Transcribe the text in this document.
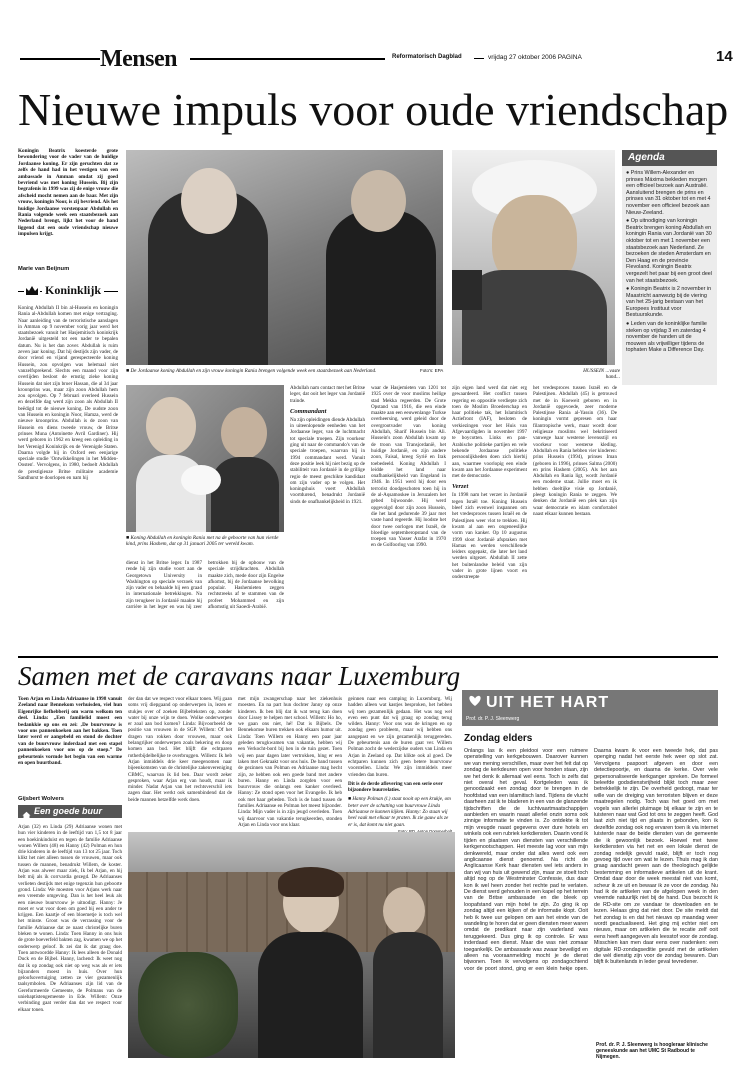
Mensen	Reformatorisch Dagblad	vrijdag 27 oktober 2006 PAGINA	14
Nieuwe impuls voor oude vriendschap
Koningin Beatrix koesterde grote bewondering voor de vader van de huidige Jordaanse koning. Er zijn geruchten dat ze zelfs de hand had in het vestigen van een ambassade in Amman omdat zij goed bevriend was met koning Hussein. Bij zijn begrafenis in 1999 was zij de enige vrouw die afscheid mocht nemen aan de baar. Met zijn vrouw, koningin Noor, is zij bevriend. Als het huidige Jordaanse vorstenpaar Abdullah en Rania volgende week een staatsbezoek aan Nederland brengt, lijkt het voor de hand liggend dat een oude vriendschap nieuwe impulsen krijgt.
Marie van Beijnum
Koninklijk
Koning Abdullah II bin al-Hussein en koningin Rania al-Abdullah komen met enige vertraging. Naar aanleiding van de terroristische aanslagen in Amman op 9 november vorig jaar werd het staatsbezoek vanuit het Hasjemitisch koninkrijk Jordanië uitgesteld tot een nader te bepalen datum. Nu is het dan zover. Abdullah is ruim zeven jaar koning. Dat hij destijds zijn vader, de door vriend en vijand gerespecteerde koning Hussein, zou opvolgen was helemaal niet vanzelfsprekend. Slechts een maand voor zijn overlijden besloot de ernstig zieke koning Hussein dat niet zijn broer Hassan, die al 34 jaar kroonprins was, maar zijn zoon Abdullah hem zou opvolgen. Op 7 februari overleed Hussein en dezelfde dag werd zijn zoon als Abdullah II beëdigd tot de nieuwe koning. De oudste zoon van Hussein en koningin Noor, Hamza, werd de nieuwe kroonprins. Abdullah is de zoon van Hussein en diens tweede vrouw, de Britse prinses Muna (Antoinette Avril Gardiner). Hij werd geboren in 1962 en kreeg een opleiding in het Verenigd Koninkrijk en de Verenigde Staten. Daarna volgde hij in Oxford een eenjarige speciale studie 'Ontwikkelingen in het Midden-Oosten'. Vervolgens, in 1980, bedoelt Abdullah de prestigieuze Britse militaire academie Sandhurst te doorlopen en nam hij
■ De Jordaanse koning Abdullah en zijn vrouw koningin Rania brengen volgende week een staatsbezoek aan Nederland.	Foto's: EPA	HUSSEIN ...vaste hand...
■ Koning Abdullah en koningin Rania met na de geboorte van hun vierde kind, prins Hashem, dat op 31 januari 2005 ter wereld kwam.
dienst in het Britse leger. In 1987 rende hij zijn studie voort aan de Georgetown University in Washington op speciale verzoek van zijn vader en behaalde hij een graad in internationale betrekkingen. Na zijn terugkeer in Jordanië maakte hij carrière in het leger en was hij zeer betrokken bij de opbouw van de speciale strijdkrachten. Abdullah maakte zich, mede door zijn Engelse afkomst, bij de Jordaanse bevolking populair. Hashemieten zeggen rechtstreeks af te stammen van de profeet Mohammed en zijn afkomstig uit Saoedi-Arabië.
Abdullah nam contact met het Britse leger, dat ooit het leger van Jordanië trainde.
Commandant
Na zijn opleidingen diende Abdullah in uiteenlopende eenheden van het Jordaanse leger, van de luchtmacht tot speciale troepen. Zijn voorkeur ging uit naar de commando's van de speciale troepen, waarvan hij in 1994 commandant werd. Vanuit deze positie leek hij niet bezig op de stabiliteit van Jordanië in de grillige regio de meest geschikte kandidaat om zijn vader op te volgen. Het koningshuis voert Abdullah voortdurend, benadrukt Jordanië sinds de onafhankelijkheid in 1921.
waar de Hasjemieten van 1201 tot 1925 over de voor moslims heilige stad Mekka regeerden. De Grote Opstand van 1916, die een einde maakte aan een eeuwenlange Turkse overheersing, werd geleid door de overgrootvader van koning Abdullah, Sharif Hussein bin Ali. Hussein's zoon Abdullah kwam op de troon van Transjordanië, het huidige Jordanië, en zijn andere zoon, Faisal, kreeg Syrië en Irak toebedeeld. Koning Abdullah I leidde het land naar onafhankelijkheid van Engeland in 1946. In 1951 werd hij door een terrorist doodgeschoten toen hij in de al-Aqsamoskee in Jeruzalem het gebed bijwoonde. Hij werd opgevolgd door zijn zoon Hussein, die het land gedurende 39 jaar met vaste hand regeerde. Hij loodste het door twee oorlogen met Israël, de bloedige septemberopstand van de troepen van Yasser Arafat in 1970 en de Golfoorlog van 1990.
zijn eigen land werd dat niet erg gewaardeerd. Het conflict tussen regering en oppositie verdiepte zich toen de Moslim Broederschap en haar politieke tak, het Islamitisch Actiefront (IAF), besloten de verkiezingen voor het Huis van Afgevaardigden in november 1997 te boycotten. Links en pan-Arabische politieke partijen en vele bekende Jordaanse politieke persoonlijkheden doen zich hierbij aan, waarmee voorlopig een einde kwam aan het Jordaanse experiment met de democratie.
Verzet
In 1998 nam het verzet in Jordanië tegen Israël toe. Koning Hussein bleef zich evenwel inspannen om het vredesproces tussen Israël en de Palestijnen weer vlot te trekken. Hij kwam al aan een ongeneeslijke vorm van kanker. Op 10 augustus 1999 sloot Jordanië afspraken met Hamas en werden verschillende leiders opgepakt, die later het land werden uitgezet. Abdullah II zette het buitenlandse beleid van zijn vader in grote lijnen voort en onderstreepte
het vredesproces tussen Israël en de Palestijnen. Abdullah (45) is getrouwd met de in Koeweit geboren en in Jordanië opgevoede, zeer moderne Palestijnse Rania al-Yassin (36). De koningin vormt gepresen om haar filantropische werk, maar wordt door religieuze moslims wel bekritiseerd vanwege haar westerse levensstijl en voorkeur voor westerse kleding. Abdullah en Rania hebben vier kinderen: prins Hussein (1994), prinses Iman (geboren in 1996), prinses Salma (2000) en prins Hashem (2005). Als het aan Abdullah en Rania ligt, wordt Jordanië een moderne staat. Jullie moet en ik hebben doeltijke visie op Jordanië, pleegt koningin Rania te zeggen. We denken dat Jordanië een plek kan zijn waar democratie en islam comfortabel naast elkaar kunnen bestaan.
Agenda
● Prins Willem-Alexander en prinses Máxima bekleden morgen een officieel bezoek aan Australië. Aansluitend brengen de prins en prinses van 31 oktober tot en met 4 november een officieel bezoek aan Nieuw-Zeeland.
● Op uitnodiging van koningin Beatrix brengen koning Abdullah en koningin Rania van Jordanië van 30 oktober tot en met 1 november een staatsbezoek aan Nederland. Ze bezoeken de steden Amsterdam en Den Haag en de provincie Flevoland. Koningin Beatrix vergezelt het paar bij een groot deel van het staatsbezoek.
● Koningin Beatrix is 2 november in Maastricht aanwezig bij de viering van het 25-jarig bestaan van het Europees Instituut voor Bestuurskunde.
● Leden van de koninklijke familie steken op vrijdag 3 en zaterdag 4 november de handen uit de mouwen als vrijwilliger tijdens de tophaten Make a Difference Day.
Samen met de caravans naar Luxemburg
Toen Arjan en Linda Adriaanse in 1998 vanuit Zeeland naar Bennekom verhuisden, viel hun Eigenrijke liefhebberij om warm welkom ten deel. Linda: „Een familielid moest een bedankkie op ons en zei: ‚De buurvrouw is voor ons pannenkoeken aan het bakken. Toen later werd er aangebeld en stond de dochter van de buurvrouw inderdaad met een stapel pannenkoeken voor ons op de stoep.” De gebeurtenis vormde het begin van een warme en open buurtband.
Gijsbert Wolvers
Een goede buur
Arjan (32) en Linda (29) Adriaanse wonen met hun vier kinderen in de leeftijd van 1,5 tot 8 jaar een hoekinkinduist en tegen de familie Adriaanse wonen Willem (48) en Hanny (42) Polman en hun drie kinderen in de leeftijd van 13 tot 25 jaar. Toch klikt het niet alleen tussen de vrouwen, maar ook tussen de mannen, benadrukt Willem, de koster. Arjan was alweer maar ziek, Ik bel Arjan, en hij belt mij als ik corrvardia gezegd. De Adriaanses verlieten destijds met enige tegenzin hun geboorte grond. Linda: We moesten voor Arjans werk naar een vreemde omgeving. Dan is het heel leuk als een nieuwe buurvrouw je uitnodigt. Hanny: Je moet er wat voor doen om goed bij een ander te krijgen. Een kaartje of een bloemetje is toch wel het minste. Groot was de verrassing voor de familie Adriaanse dat ze naast christelijke buren bleken te wonen. Linda: Toen Hanny in ons huis de grote boeverfeld bakten zag, kwamen we op het onderwerp geloof. Ik zei dat ik dat graag doe. Toen antwoordde Hanny: Ik lees alleen de Donald Duck en de Bijbel. Hanny, lachend: Ik weet nog dat ik op zondag ook niet op weg was als er iets bijzonders moest in huis. Over hun geloofsovertuiging zetten ze vier gezamenlijk taalsymbolen. De Adriaanses zijn lid van de Gereformeerde Gemeente, de Polmans van de uniebaptistengemeente in Ede. Willem: Onze verbinding gaat verder dan dat we respect voor elkaar tonen.
der dan dat we respect voor elkaar tonen. Wij gaan soms vrij diepgaand op onderwerpen in, lezen er stukjes over of zoeken Bijbelteksten op, zonder water bij onze wijn te doen. Wolke onderwerpen er zoal aan bod komen? Linda: Bijvoorbeeld de positie van vrouwen in de SGP. Willem: Of het dragen van rokken door vrouwen, maar ook belangrijker onderwerpen zoals bekering en doop komen aan bod. Het blijft die echtparen rotherbijdelbelijke te overbruggen. Willem: Ik heb Arjan inmiddels drie keer meegenomen naar bijeenkomsten van de christelijke zakenvereniging CBMC, waarvan ik lid ben. Daar wordt zeker gesproken, waar Arjan erg van houdt, maar ik minder. Nadat Arjan van het rechtsverschil iets zagen daar. Het werkt ook samenbindend dat de beide mannen hetzelfde werk doen.
met mijn zwangerschap naar het ziekenhuis moesten. En na part hun dochter Janny op onze kinderen. Ik ben blij dat ik wat terug kan doen door Lissey te helpen met school. Willem: Ho ho, we gaan ons niet, hé! Dat is Bijbels. De Bennekomse buren trekken ook elkaars humor uit. Linda: Toen Willem en Hanny een paar jaar geleden terugkwamen van vakantie, hebben wij een Verkocht-bord bij hen in de tuin gezet. Toen wij een paar dagen later vertrokken, hing er een laken met Gekraakt voor ons huis. De band tussen de gezinnen van Polman en Adriaanse mag hecht zijn, ze hebben ook een goede band met andere buren. Hanny en Linda zorgden voor een buurvrouw die onlangs een kanker overleed. Hanny: Ze stond open voor het Evangelie. Ik heb ook met haar gebeden. Toch is de band tussen de families Adriaanse en Polman het meest bijzonder. Linda: Mijn vader is in zijn jeugd overleden. Toen wij daarvoor van vakantie terugkeerden, stonden Arjan en Linda voor ons klaar.
geinnen naar een camping in Luxemburg. Wij hadden alleen wat kastjes besproken, het hebben wij toen gezamenlijk gedaan. Het was nog wel even een punt dat wij graag op zondag terug wilden. Hanny: Voor ons was de kringen en op zondag geen probleem, maar wij hebben ons aangepast en we zijn gezamenlijk teruggereden. De gebeurtenis aan de buren gaat ver. Willem Polman zocht de wederzijdse ouders van Linda en Arjan in Zeeland op. Dat klikte ook al goed. De echtparen kunnen zich geen betere buurvrouw voorstellen. Linda: We zijn immiddels meer vrienden dan buren.
Dit is de derde aflevering van een serie over bijzondere buurrelaties.
■ Hanny Polman (l.) staat nooit op een krukje, om beter over de schutting van buurvrouw Linda Adriaanse te kunnen kijken. Hanny: Zo staan wij heel vaak met elkaar te praten. Ik zie gauw als ze er is, dat komt nu niet gaan.
UIT HET HART
Prof. dr. P. J. Sleenwerg
Zondag elders
Onlangs las ik een pleidooi voor een ruimere openstelling van kerkgebouwen. Daarover kunnen we van mening verschillen, maar over het feit dat op zondag de kerkdeuren open voor honden staan, zijn we het denk ik allemaal wel eens. Toch is zelfs dat niet overal het geval. Kortgeleden was ik genoodzaakt een zondag door te brengen in de hoofdstad van een islamitisch land. Tijdens de vlucht daarheen zat ik te bladeren in een van de glanzende tijdschriften die de luchtvaartmaatschappijen aanbieden en waarin naast allerlei onzin soms ook zinnige informatie te vinden is. Zo ontdekte ik tot mijn vreugde naast gegevens over dure hotels en winkels ook een rubriek kerkdiensten. Daarin vond ik tijden en plaatsen van diensten van verschillende kerkgenootschappen. Het meeste lag voor van mijn denkwereld, maar onder dat alles werd ook een anglicaanse dienst genoemd. Na richt de Anglicaanse Kerk haar diensten wel iets anders in dan wij van huis uit gewend zijn, maar ze stoelt toch altijd nog op de Westminster Confessie, dus daar kon ik wel heen zonder het rechte pad te verlaten. De dienst werd gehouden in een kapel op het terrein van de Britse ambassade en die bleek op loopafstand van mijn hotel te zijn. Zo ging ik op zondag altijd een kijken of de informatie klopt. Ooit heb ik twee uur gelopen om aan het einde van de wandeling te horen dat er geen diensten meer waren omdat de predikant naar zijn vaderland was teruggekeerd. Dus ging ik op controle. Er was inderdaad een dienst. Maar die was niet zomaar toegankelijk. De ambassade was zwaar beveiligd en alleen na vooraanmelding mocht je de dienst bijwonen. Toen ik vervolgens op zondagochtend voor de poort stond, ging er een klein hekje open. Daarna kwam ik voor een tweede hek, dat pas openging nadat het eerste hek weer op slot zat. Vervolgens paspoort afgeven en door een detectiepoortje, en daarna de kerke. Over vele gepersonaliseerde kerkganger spreken. De formeel beleefde godsdienstvrijheid blijkt toch maar zeer betrekkelijk te zijn. De overheid gedoogt, maar ter wille van de dreiging van terroristen blijven er deze maatregelen nodig. Toch was het goed om met vogels van allerlei pluimage bij elkaar te zijn en te luisteren naar wat God tot ons te zeggen heeft. God laat zich niet tijd en plaats in gebonden, kon ik dezelfde zondag ook nog ervaren toen ik via internet luisterde naar de beide diensten van de gemeente die ik gewoonlijk bezoek. Hoewel met twee kerkdiensten via het net en een lokale dienst de zondag redelijk gevuld raakt, blijft er toch nog gevoeg tijd over om wat te lezen. Thuis mag ik dan graag aandacht geven aan de theologisch gelijkte bestemming en informatieve artikelen uit de krant. Omdat daar door de week meestal niet van komt, scheur ik ze uit en bewaar ik ze voor de zondag. Nu had ik de artikelen van de afgelopen week in den vreemde natuurlijk niet bij de hand. Dus bezocht ik de RD-site om ze vandaar te downloaden en te lezen. Helaas ging dat niet door. De site meldt dat het zondag is en dat het nieuws op maandag weer wordt geactualiseerd. Het ging mij echter niet om nieuws, maar om artikelen die te recatie zelf ooit eens heeft aangegeven als leesstof voor de zondag. Misschien kan men daar eens over nadenken: een digitale RD-zondagseditie gevuld met de artikelen die wèl dienstig zijn voor de zondag bewaren. Dan blijft ik buitenlands in leder geval tevredener.
Prof. dr. P. J. Sleenwerg is hoogleraar klinische geneeskunde aan het UMC St Radboud te Nijmegen.
